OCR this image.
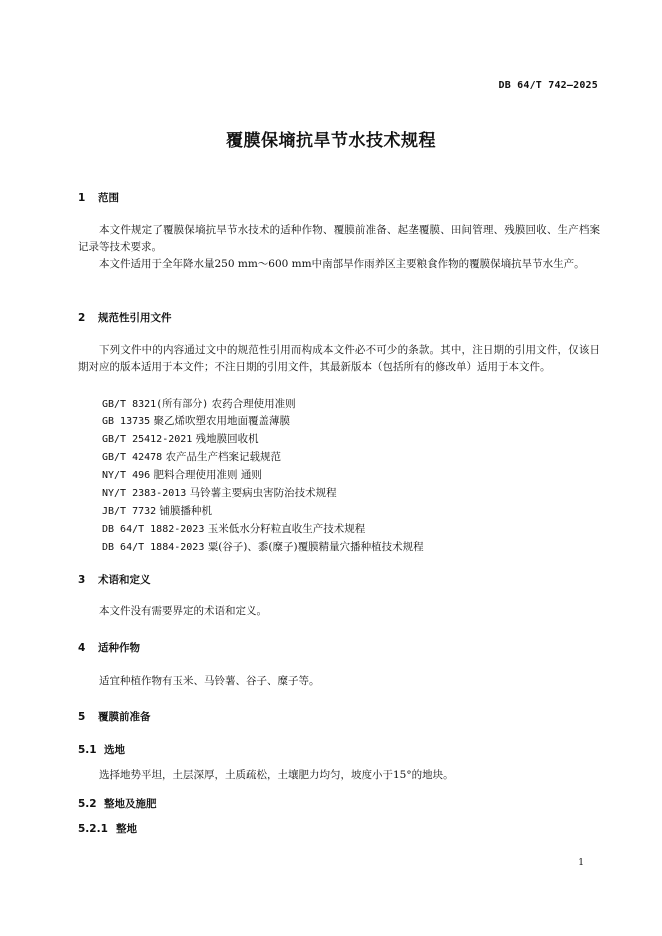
DB 64/T 742—2025
覆膜保墒抗旱节水技术规程
1 范围
本文件规定了覆膜保墒抗旱节水技术的适种作物、覆膜前准备、起垄覆膜、田间管理、残膜回收、生产档案记录等技术要求。
本文件适用于全年降水量250 mm～600 mm中南部旱作雨养区主要粮食作物的覆膜保墒抗旱节水生产。
2 规范性引用文件
下列文件中的内容通过文中的规范性引用而构成本文件必不可少的条款。其中，注日期的引用文件，仅该日期对应的版本适用于本文件；不注日期的引用文件，其最新版本（包括所有的修改单）适用于本文件。
GB/T 8321(所有部分) 农药合理使用准则
GB 13735 聚乙烯吹塑农用地面覆盖薄膜
GB/T 25412-2021 残地膜回收机
GB/T 42478 农产品生产档案记载规范
NY/T 496 肥料合理使用准则 通则
NY/T 2383-2013 马铃薯主要病虫害防治技术规程
JB/T 7732 铺膜播种机
DB 64/T 1882-2023 玉米低水分籽粒直收生产技术规程
DB 64/T 1884-2023 粟(谷子)、黍(糜子)覆膜精量穴播种植技术规程
3 术语和定义
本文件没有需要界定的术语和定义。
4 适种作物
适宜种植作物有玉米、马铃薯、谷子、糜子等。
5 覆膜前准备
5.1 选地
选择地势平坦，土层深厚，土质疏松，土壤肥力均匀，坡度小于15°的地块。
5.2 整地及施肥
5.2.1 整地
1
